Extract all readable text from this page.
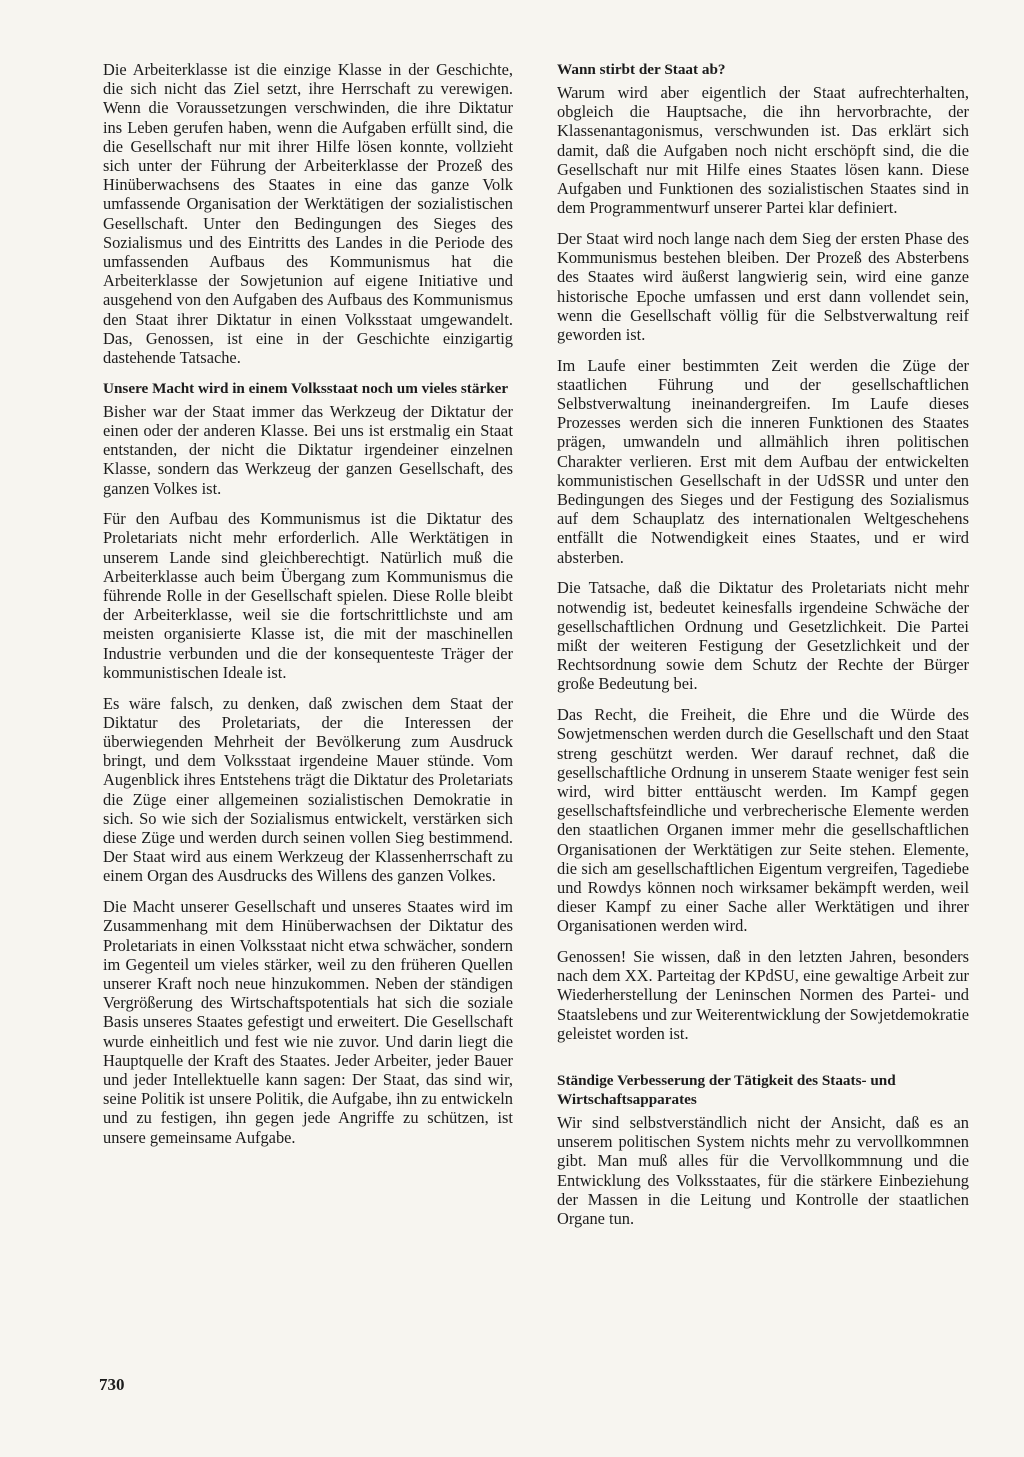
Die Arbeiterklasse ist die einzige Klasse in der Geschichte, die sich nicht das Ziel setzt, ihre Herrschaft zu verewigen. Wenn die Voraussetzungen verschwinden, die ihre Diktatur ins Leben gerufen haben, wenn die Aufgaben erfüllt sind, die die Gesellschaft nur mit ihrer Hilfe lösen konnte, vollzieht sich unter der Führung der Arbeiterklasse der Prozeß des Hinüberwachsens des Staates in eine das ganze Volk umfassende Organisation der Werktätigen der sozialistischen Gesellschaft. Unter den Bedingungen des Sieges des Sozialismus und des Eintritts des Landes in die Periode des umfassenden Aufbaus des Kommunismus hat die Arbeiterklasse der Sowjetunion auf eigene Initiative und ausgehend von den Aufgaben des Aufbaus des Kommunismus den Staat ihrer Diktatur in einen Volksstaat umgewandelt. Das, Genossen, ist eine in der Geschichte einzigartig dastehende Tatsache.

Unsere Macht wird in einem Volksstaat noch um vieles stärker

Bisher war der Staat immer das Werkzeug der Diktatur der einen oder der anderen Klasse. Bei uns ist erstmalig ein Staat entstanden, der nicht die Diktatur irgendeiner einzelnen Klasse, sondern das Werkzeug der ganzen Gesellschaft, des ganzen Volkes ist.

Für den Aufbau des Kommunismus ist die Diktatur des Proletariats nicht mehr erforderlich. Alle Werktätigen in unserem Lande sind gleichberechtigt. Natürlich muß die Arbeiterklasse auch beim Übergang zum Kommunismus die führende Rolle in der Gesellschaft spielen. Diese Rolle bleibt der Arbeiterklasse, weil sie die fortschrittlichste und am meisten organisierte Klasse ist, die mit der maschinellen Industrie verbunden und die der konsequenteste Träger der kommunistischen Ideale ist.

Es wäre falsch, zu denken, daß zwischen dem Staat der Diktatur des Proletariats, der die Interessen der überwiegenden Mehrheit der Bevölkerung zum Ausdruck bringt, und dem Volksstaat irgendeine Mauer stünde. Vom Augenblick ihres Entstehens trägt die Diktatur des Proletariats die Züge einer allgemeinen sozialistischen Demokratie in sich. So wie sich der Sozialismus entwickelt, verstärken sich diese Züge und werden durch seinen vollen Sieg bestimmend. Der Staat wird aus einem Werkzeug der Klassenherrschaft zu einem Organ des Ausdrucks des Willens des ganzen Volkes.

Die Macht unserer Gesellschaft und unseres Staates wird im Zusammenhang mit dem Hinüberwachsen der Diktatur des Proletariats in einen Volksstaat nicht etwa schwächer, sondern im Gegenteil um vieles stärker, weil zu den früheren Quellen unserer Kraft noch neue hinzukommen. Neben der ständigen Vergrößerung des Wirtschaftspotentials hat sich die soziale Basis unseres Staates gefestigt und erweitert. Die Gesellschaft wurde einheitlich und fest wie nie zuvor. Und darin liegt die Hauptquelle der Kraft des Staates. Jeder Arbeiter, jeder Bauer und jeder Intellektuelle kann sagen: Der Staat, das sind wir, seine Politik ist unsere Politik, die Aufgabe, ihn zu entwickeln und zu festigen, ihn gegen jede Angriffe zu schützen, ist unsere gemeinsame Aufgabe.

Wann stirbt der Staat ab?

Warum wird aber eigentlich der Staat aufrechterhalten, obgleich die Hauptsache, die ihn hervorbrachte, der Klassenantagonismus, verschwunden ist. Das erklärt sich damit, daß die Aufgaben noch nicht erschöpft sind, die die Gesellschaft nur mit Hilfe eines Staates lösen kann. Diese Aufgaben und Funktionen des sozialistischen Staates sind in dem Programmentwurf unserer Partei klar definiert.

Der Staat wird noch lange nach dem Sieg der ersten Phase des Kommunismus bestehen bleiben. Der Prozeß des Absterbens des Staates wird äußerst langwierig sein, wird eine ganze historische Epoche umfassen und erst dann vollendet sein, wenn die Gesellschaft völlig für die Selbstverwaltung reif geworden ist.

Im Laufe einer bestimmten Zeit werden die Züge der staatlichen Führung und der gesellschaftlichen Selbstverwaltung ineinandergreifen. Im Laufe dieses Prozesses werden sich die inneren Funktionen des Staates prägen, umwandeln und allmählich ihren politischen Charakter verlieren. Erst mit dem Aufbau der entwickelten kommunistischen Gesellschaft in der UdSSR und unter den Bedingungen des Sieges und der Festigung des Sozialismus auf dem Schauplatz des internationalen Weltgeschehens entfällt die Notwendigkeit eines Staates, und er wird absterben.

Die Tatsache, daß die Diktatur des Proletariats nicht mehr notwendig ist, bedeutet keinesfalls irgendeine Schwäche der gesellschaftlichen Ordnung und Gesetzlichkeit. Die Partei mißt der weiteren Festigung der Gesetzlichkeit und der Rechtsordnung sowie dem Schutz der Rechte der Bürger große Bedeutung bei.

Das Recht, die Freiheit, die Ehre und die Würde des Sowjetmenschen werden durch die Gesellschaft und den Staat streng geschützt werden. Wer darauf rechnet, daß die gesellschaftliche Ordnung in unserem Staate weniger fest sein wird, wird bitter enttäuscht werden. Im Kampf gegen gesellschaftsfeindliche und verbrecherische Elemente werden den staatlichen Organen immer mehr die gesellschaftlichen Organisationen der Werktätigen zur Seite stehen. Elemente, die sich am gesellschaftlichen Eigentum vergreifen, Tagediebe und Rowdys können noch wirksamer bekämpft werden, weil dieser Kampf zu einer Sache aller Werktätigen und ihrer Organisationen werden wird.

Genossen! Sie wissen, daß in den letzten Jahren, besonders nach dem XX. Parteitag der KPdSU, eine gewaltige Arbeit zur Wiederherstellung der Leninschen Normen des Partei- und Staatslebens und zur Weiterentwicklung der Sowjetdemokratie geleistet worden ist.

Ständige Verbesserung der Tätigkeit des Staats- und Wirtschaftsapparates

Wir sind selbstverständlich nicht der Ansicht, daß es an unserem politischen System nichts mehr zu vervollkommnen gibt. Man muß alles für die Vervollkommnung und die Entwicklung des Volksstaates, für die stärkere Einbeziehung der Massen in die Leitung und Kontrolle der staatlichen Organe tun.

730
